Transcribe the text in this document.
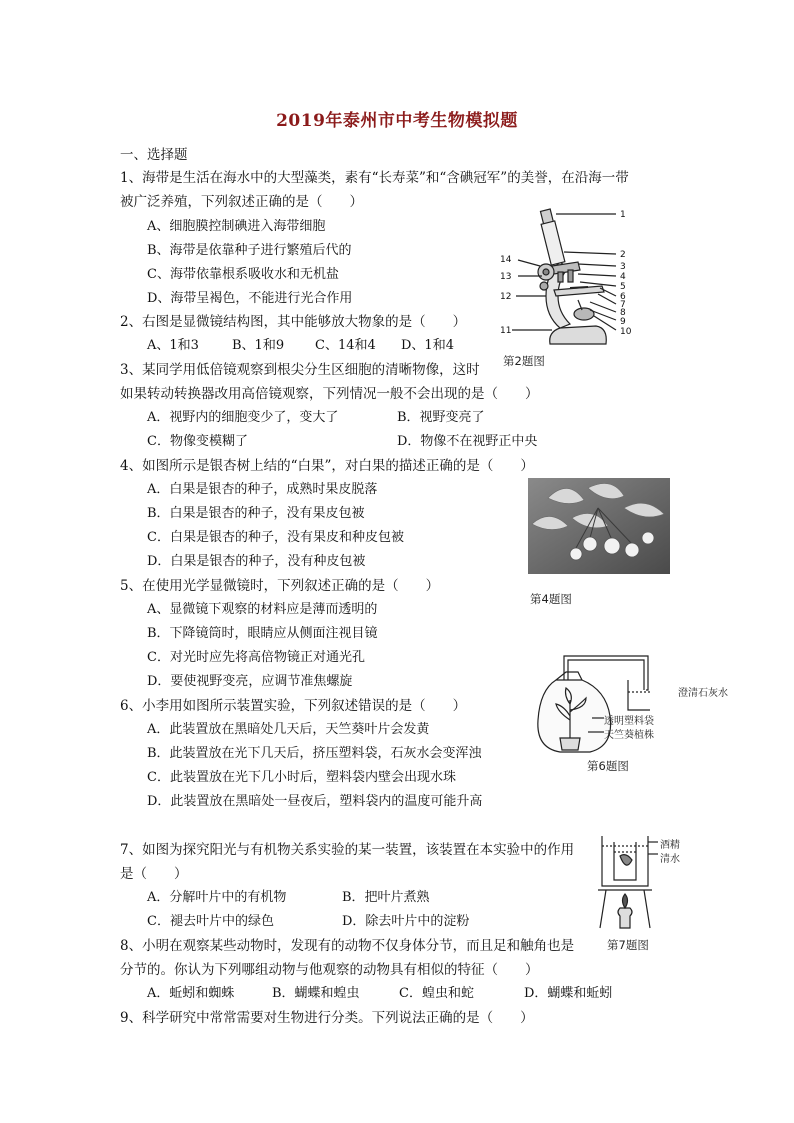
2019年泰州市中考生物模拟题
一、选择题
1、海带是生活在海水中的大型藻类，素有“长寿菜”和“含碘冠军”的美誉，在沿海一带
被广泛养殖，下列叙述正确的是（　　）
A、细胞膜控制碘进入海带细胞
B、海带是依靠种子进行繁殖后代的
C、海带依靠根系吸收水和无机盐
D、海带呈褐色，不能进行光合作用
2、右图是显微镜结构图，其中能够放大物象的是（　　）
A、1和3	B、1和9 C、14和4 D、1和4
3、某同学用低倍镜观察到根尖分生区细胞的清晰物像，这时
如果转动转换器改用高倍镜观察，下列情况一般不会出现的是（　　）
A．视野内的细胞变少了，变大了	B．视野变亮了
C．物像变模糊了	D．物像不在视野正中央
4、如图所示是银杏树上结的“白果”，对白果的描述正确的是（　　）
A．白果是银杏的种子，成熟时果皮脱落
B．白果是银杏的种子，没有果皮包被
C．白果是银杏的种子，没有果皮和种皮包被
D．白果是银杏的种子，没有种皮包被
5、在使用光学显微镜时，下列叙述正确的是（　　）
A、显微镜下观察的材料应是薄而透明的
B．下降镜筒时，眼睛应从侧面注视目镜
C．对光时应先将高倍物镜正对通光孔
D．要使视野变亮，应调节准焦螺旋
6、小李用如图所示装置实验，下列叙述错误的是（　　）
A．此装置放在黑暗处几天后，天竺葵叶片会发黄
B．此装置放在光下几天后，挤压塑料袋，石灰水会变浑浊
C．此装置放在光下几小时后，塑料袋内壁会出现水珠
D．此装置放在黑暗处一昼夜后，塑料袋内的温度可能升高
7、如图为探究阳光与有机物关系实验的某一装置，该装置在本实验中的作用
是（　　）
A．分解叶片中的有机物	B．把叶片煮熟
C．褪去叶片中的绿色	D．除去叶片中的淀粉
8、小明在观察某些动物时，发现有的动物不仅身体分节，而且足和触角也是
分节的。你认为下列哪组动物与他观察的动物具有相似的特征（　　）
A．蚯蚓和蜘蛛	B．蝴蝶和蝗虫	C．蝗虫和蛇	D．蝴蝶和蚯蚓
9、科学研究中常常需要对生物进行分类。下列说法正确的是（　　）
1
2
3
4
5
6
7
8
9
10
11
12
13
14
第2题图
第4题图
澄清石灰水
透明塑料袋
天竺葵植株
第6题图
酒精
清水
第7题图
